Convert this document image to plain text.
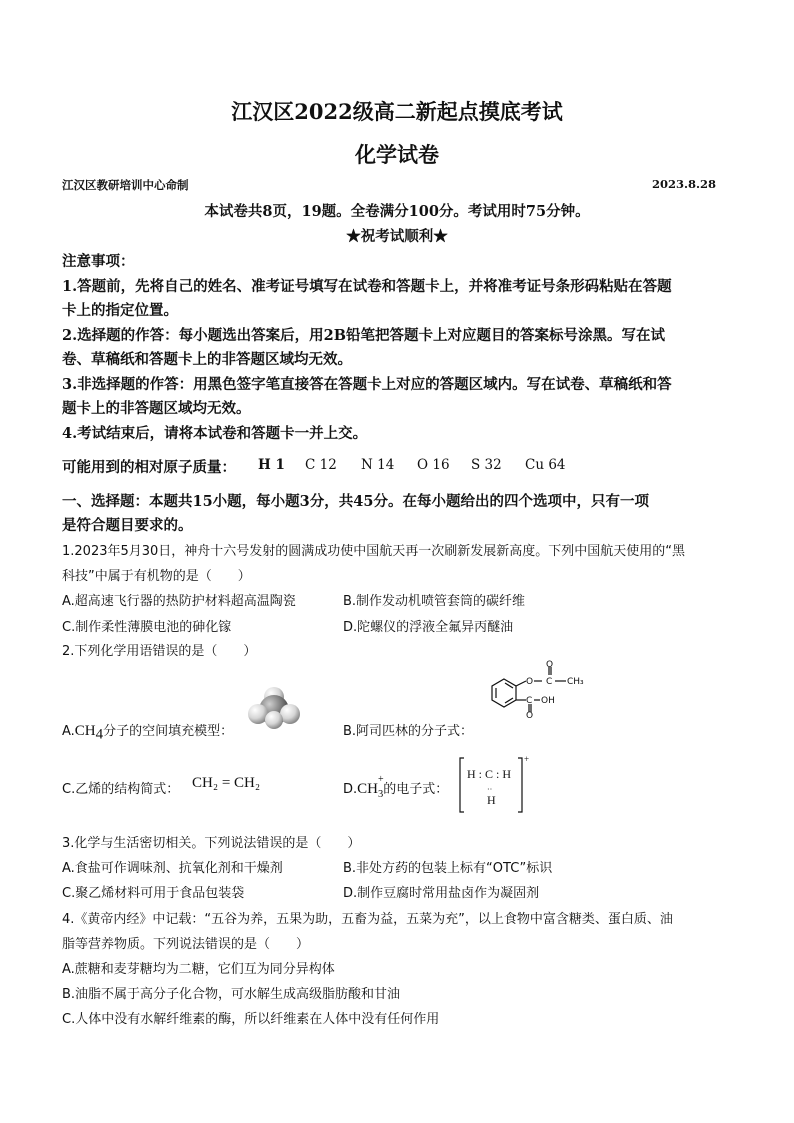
江汉区2022级高二新起点摸底考试
化学试卷
江汉区教研培训中心命制	2023.8.28
本试卷共8页，19题。全卷满分100分。考试用时75分钟。
★祝考试顺利★
注意事项：
1.答题前，先将自己的姓名、准考证号填写在试卷和答题卡上，并将准考证号条形码粘贴在答题
卡上的指定位置。
2.选择题的作答：每小题选出答案后，用2B铅笔把答题卡上对应题目的答案标号涂黑。写在试
卷、草稿纸和答题卡上的非答题区域均无效。
3.非选择题的作答：用黑色签字笔直接答在答题卡上对应的答题区域内。写在试卷、草稿纸和答
题卡上的非答题区域均无效。
4.考试结束后，请将本试卷和答题卡一并上交。
可能用到的相对原子质量： H 1 C 12 N 14 O 16 S 32 Cu 64
一、选择题：本题共15小题，每小题3分，共45分。在每小题给出的四个选项中，只有一项
是符合题目要求的。
1.2023年5月30日，神舟十六号发射的圆满成功使中国航天再一次刷新发展新高度。下列中国航天使用的“黑
科技”中属于有机物的是（　　）
A.超高速飞行器的热防护材料超高温陶瓷	B.制作发动机喷管套筒的碳纤维
C.制作柔性薄膜电池的砷化镓	D.陀螺仪的浮液全氟异丙醚油
2.下列化学用语错误的是（　　）
$A.CH_4$分子的空间填充模型：	B.阿司匹林的分子式：
O C
O
CH₃
C OH
O
C.乙烯的结构简式： CH₂ = CH₂	D.CH
+
$_3$的电子式：
H : C : H
··
H
+
3.化学与生活密切相关。下列说法错误的是（　　）
A.食盐可作调味剂、抗氧化剂和干燥剂	B.非处方药的包装上标有“OTC”标识
C.聚乙烯材料可用于食品包装袋	D.制作豆腐时常用盐卤作为凝固剂
4.《黄帝内经》中记载：“五谷为养，五果为助，五畜为益，五菜为充”，以上食物中富含糖类、蛋白质、油
脂等营养物质。下列说法错误的是（　　）
A.蔗糖和麦芽糖均为二糖，它们互为同分异构体
B.油脂不属于高分子化合物，可水解生成高级脂肪酸和甘油
C.人体中没有水解纤维素的酶，所以纤维素在人体中没有任何作用
